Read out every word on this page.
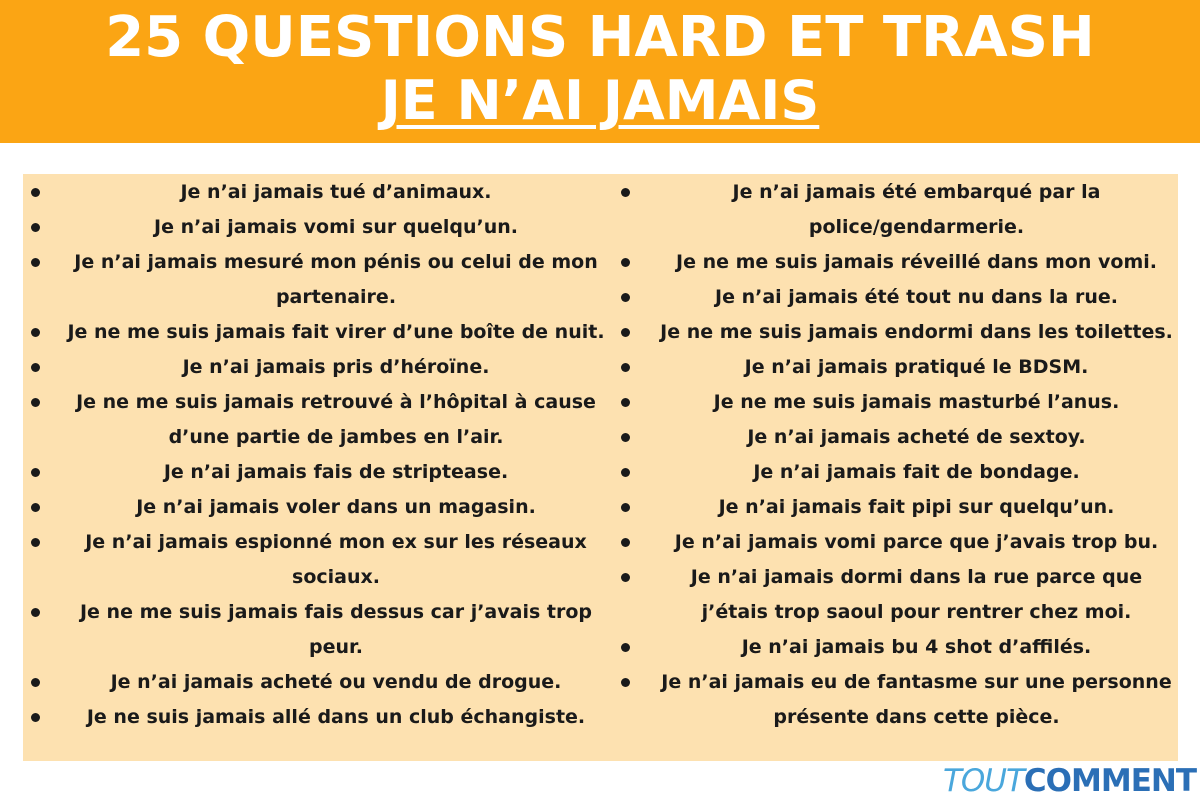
25 QUESTIONS HARD ET TRASH
JE N’AI JAMAIS
Je n’ai jamais tué d’animaux.
Je n’ai jamais vomi sur quelqu’un.
Je n’ai jamais mesuré mon pénis ou celui de mon partenaire.
Je ne me suis jamais fait virer d’une boîte de nuit.
Je n’ai jamais pris d’héroïne.
Je ne me suis jamais retrouvé à l’hôpital à cause d’une partie de jambes en l’air.
Je n’ai jamais fais de striptease.
Je n’ai jamais voler dans un magasin.
Je n’ai jamais espionné mon ex sur les réseaux sociaux.
Je ne me suis jamais fais dessus car j’avais trop peur.
Je n’ai jamais acheté ou vendu de drogue.
Je ne suis jamais allé dans un club échangiste.
Je n’ai jamais été embarqué par la police/gendarmerie.
Je ne me suis jamais réveillé dans mon vomi.
Je n’ai jamais été tout nu dans la rue.
Je ne me suis jamais endormi dans les toilettes.
Je n’ai jamais pratiqué le BDSM.
Je ne me suis jamais masturbé l’anus.
Je n’ai jamais acheté de sextoy.
Je n’ai jamais fait de bondage.
Je n’ai jamais fait pipi sur quelqu’un.
Je n’ai jamais vomi parce que j’avais trop bu.
Je n’ai jamais dormi dans la rue parce que j’étais trop saoul pour rentrer chez moi.
Je n’ai jamais bu 4 shot d’affilés.
Je n’ai jamais eu de fantasme sur une personne présente dans cette pièce.
TOUTCOMMENT
